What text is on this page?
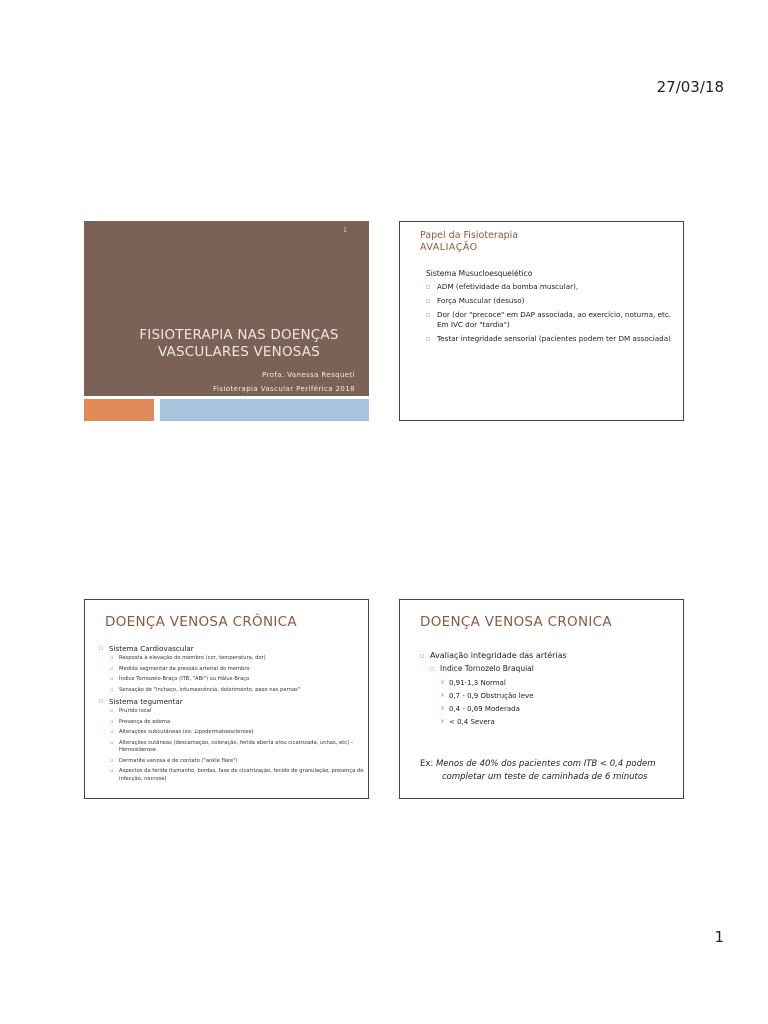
27/03/18
1
FISIOTERAPIA NAS DOENÇAS
VASCULARES VENOSAS
Profa. Vanessa Resqueti
Fisioterapia Vascular Periférica 2018
Papel da Fisioterapia
AVALIAÇÃO
Sistema Musucloesquelético
▫ ADM (efetividade da bomba muscular),
▫ Força Muscular (desuso)
▫ Dor (dor "precoce" em DAP associada, ao exercício, noturna, etc. Em IVC dor "tardia")
▫ Testar integridade sensorial (pacientes podem ter DM associada)
DOENÇA VENOSA CRÔNICA
▫ Sistema Cardiovascular
▫ Resposta à elevação do membro (cor, temperatura, dor)
▫ Medida segmentar da pressão arterial do membro
▫ Índice Tornozelo-Braço (ITB, "ABI") ou Hálux-Braço
▫ Sensação de "inchaço, intumescência, dolorimento, peso nas pernas"
▫ Sistema tegumentar
▫ Prurido local
▫ Presença de edema
▫ Alterações subcutâneas (ex: Lipodermatoesclerose)
▫ Alterações cutâneas (descamação, coloração, ferida aberta e/ou cicatrizada, unhas, etc) – Hemosiderose
▫ Dermatite venosa e de contato ("ankle flare")
▫ Aspectos da ferida (tamanho, bordas, fase de cicatrização, tecido de granulação, presença de infecção, necrose)
DOENÇA VENOSA CRONICA
▫ Avaliação integridade das artérias
▫ Indice Tornozelo Braquial
× 0,91-1,3 Normal
× 0,7 - 0,9 Obstrução leve
× 0,4 - 0,69 Moderada
× < 0,4 Severa
Ex: Menos de 40% dos pacientes com ITB < 0,4 podem
completar um teste de caminhada de 6 minutos
1
